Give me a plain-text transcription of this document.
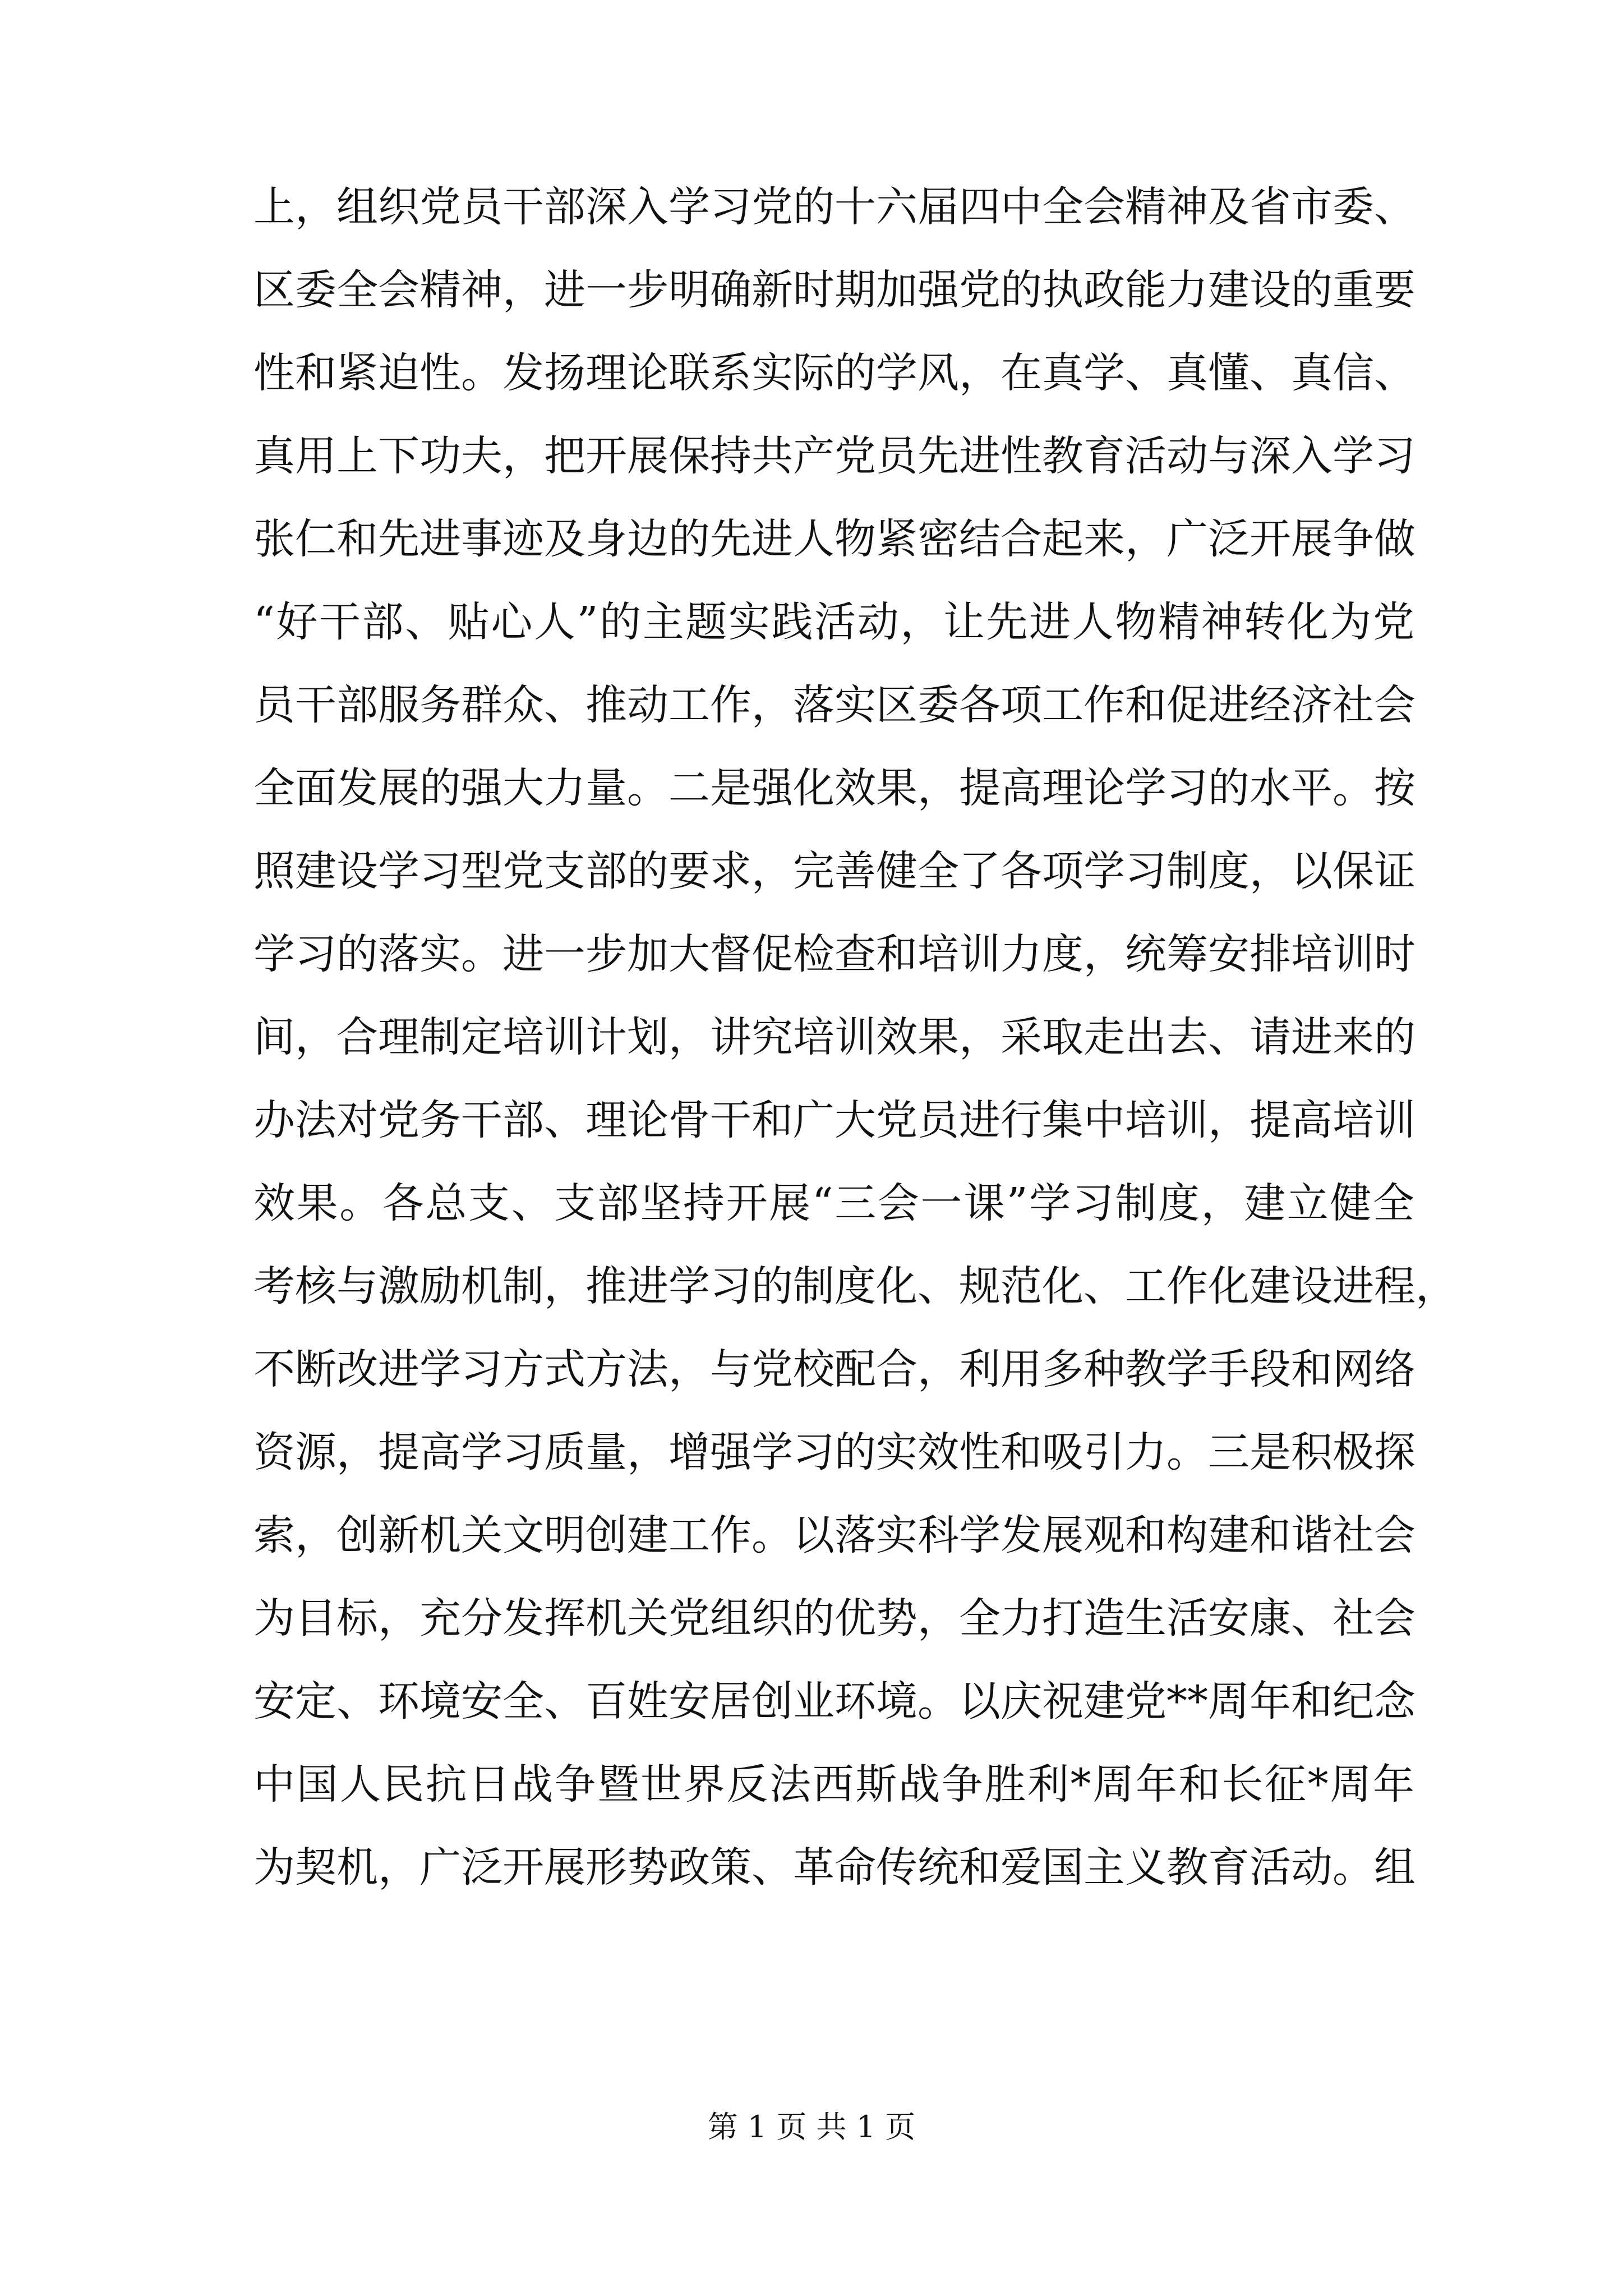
上，组织党员干部深入学习党的十六届四中全会精神及省市委、
区委全会精神，进一步明确新时期加强党的执政能力建设的重要
性和紧迫性。发扬理论联系实际的学风，在真学、真懂、真信、
真用上下功夫，把开展保持共产党员先进性教育活动与深入学习
张仁和先进事迹及身边的先进人物紧密结合起来，广泛开展争做
“好干部、贴心人”的主题实践活动，让先进人物精神转化为党
员干部服务群众、推动工作，落实区委各项工作和促进经济社会
全面发展的强大力量。二是强化效果，提高理论学习的水平。按
照建设学习型党支部的要求，完善健全了各项学习制度，以保证
学习的落实。进一步加大督促检查和培训力度，统筹安排培训时
间，合理制定培训计划，讲究培训效果，采取走出去、请进来的
办法对党务干部、理论骨干和广大党员进行集中培训，提高培训
效果。各总支、支部坚持开展“三会一课”学习制度，建立健全
考核与激励机制，推进学习的制度化、规范化、工作化建设进程，
不断改进学习方式方法，与党校配合，利用多种教学手段和网络
资源，提高学习质量，增强学习的实效性和吸引力。三是积极探
索，创新机关文明创建工作。以落实科学发展观和构建和谐社会
为目标，充分发挥机关党组织的优势，全力打造生活安康、社会
安定、环境安全、百姓安居创业环境。以庆祝建党**周年和纪念
中国人民抗日战争暨世界反法西斯战争胜利*周年和长征*周年
为契机，广泛开展形势政策、革命传统和爱国主义教育活动。组
第 1 页 共 1 页
